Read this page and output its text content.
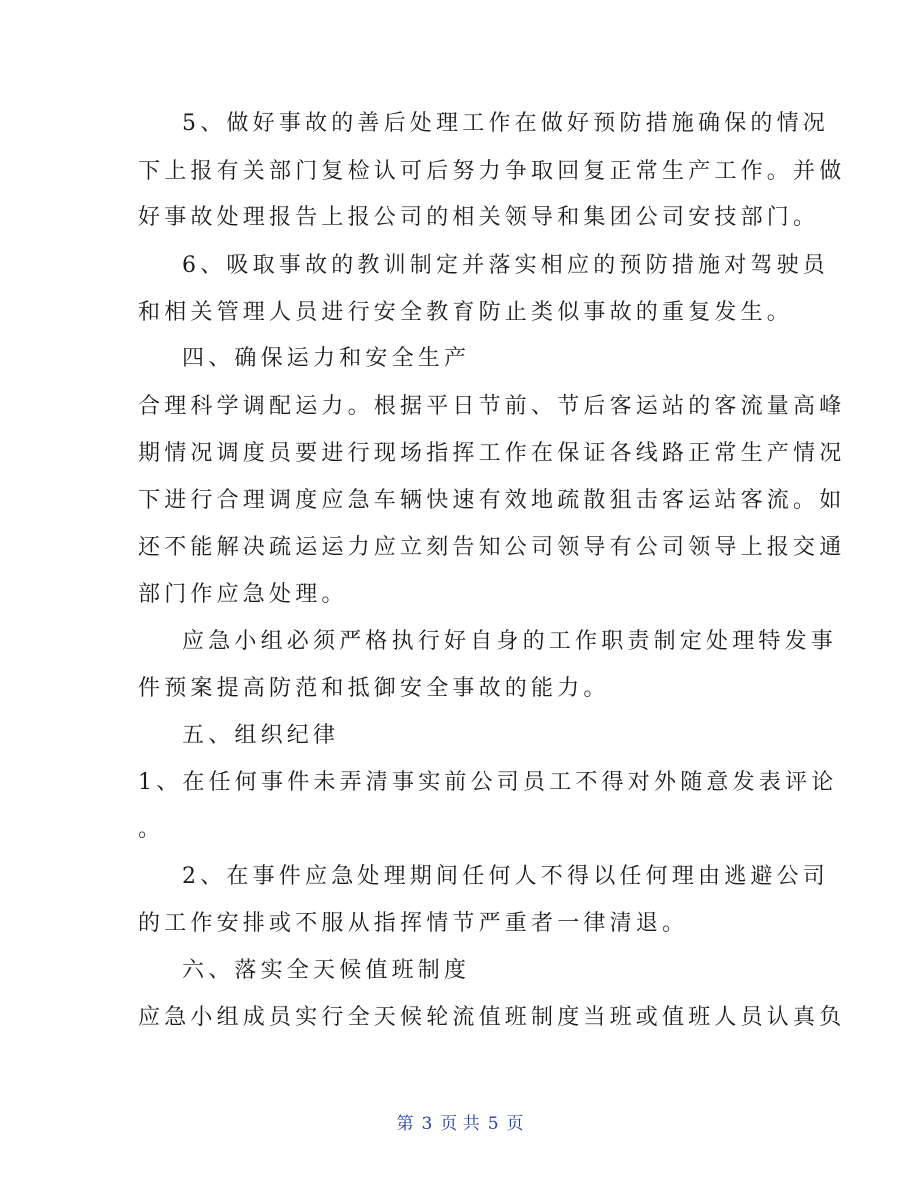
5、做好事故的善后处理工作在做好预防措施确保的情况

下上报有关部门复检认可后努力争取回复正常生产工作。并做

好事故处理报告上报公司的相关领导和集团公司安技部门。

6、吸取事故的教训制定并落实相应的预防措施对驾驶员

和相关管理人员进行安全教育防止类似事故的重复发生。

四、确保运力和安全生产

合理科学调配运力。根据平日节前、节后客运站的客流量高峰

期情况调度员要进行现场指挥工作在保证各线路正常生产情况

下进行合理调度应急车辆快速有效地疏散狙击客运站客流。如

还不能解决疏运运力应立刻告知公司领导有公司领导上报交通

部门作应急处理。

应急小组必须严格执行好自身的工作职责制定处理特发事

件预案提高防范和抵御安全事故的能力。

五、组织纪律

1、在任何事件未弄清事实前公司员工不得对外随意发表评论

。

2、在事件应急处理期间任何人不得以任何理由逃避公司

的工作安排或不服从指挥情节严重者一律清退。

六、落实全天候值班制度

应急小组成员实行全天候轮流值班制度当班或值班人员认真负

第 3 页 共 5 页
